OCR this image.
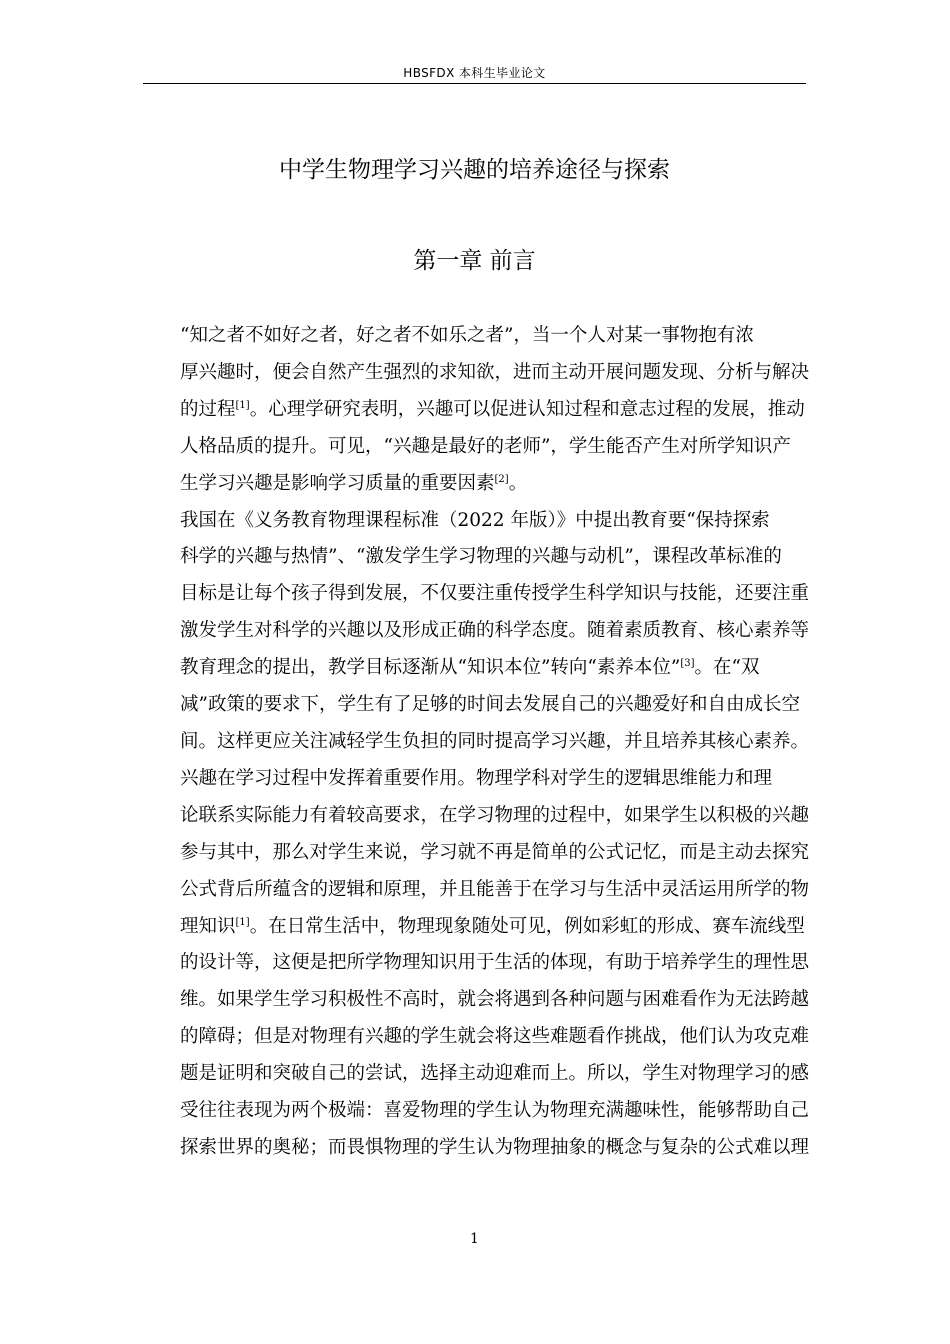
HBSFDX 本科生毕业论文
中学生物理学习兴趣的培养途径与探索
第一章 前言

“知之者不如好之者，好之者不如乐之者”，当一个人对某一事物抱有浓
厚兴趣时，便会自然产生强烈的求知欲，进而主动开展问题发现、分析与解决
的过程[1]。心理学研究表明，兴趣可以促进认知过程和意志过程的发展，推动
人格品质的提升。可见，“兴趣是最好的老师”，学生能否产生对所学知识产
生学习兴趣是影响学习质量的重要因素[2]。

我国在《义务教育物理课程标准（2022 年版）》中提出教育要“保持探索
科学的兴趣与热情”、“激发学生学习物理的兴趣与动机”，课程改革标准的
目标是让每个孩子得到发展，不仅要注重传授学生科学知识与技能，还要注重
激发学生对科学的兴趣以及形成正确的科学态度。随着素质教育、核心素养等
教育理念的提出，教学目标逐渐从“知识本位”转向“素养本位”[3]。在“双
减”政策的要求下，学生有了足够的时间去发展自己的兴趣爱好和自由成长空
间。这样更应关注减轻学生负担的同时提高学习兴趣，并且培养其核心素养。

兴趣在学习过程中发挥着重要作用。物理学科对学生的逻辑思维能力和理
论联系实际能力有着较高要求，在学习物理的过程中，如果学生以积极的兴趣
参与其中，那么对学生来说，学习就不再是简单的公式记忆，而是主动去探究
公式背后所蕴含的逻辑和原理，并且能善于在学习与生活中灵活运用所学的物
理知识[1]。在日常生活中，物理现象随处可见，例如彩虹的形成、赛车流线型
的设计等，这便是把所学物理知识用于生活的体现，有助于培养学生的理性思
维。如果学生学习积极性不高时，就会将遇到各种问题与困难看作为无法跨越
的障碍；但是对物理有兴趣的学生就会将这些难题看作挑战，他们认为攻克难
题是证明和突破自己的尝试，选择主动迎难而上。所以，学生对物理学习的感
受往往表现为两个极端：喜爱物理的学生认为物理充满趣味性，能够帮助自己
探索世界的奥秘；而畏惧物理的学生认为物理抽象的概念与复杂的公式难以理

1
